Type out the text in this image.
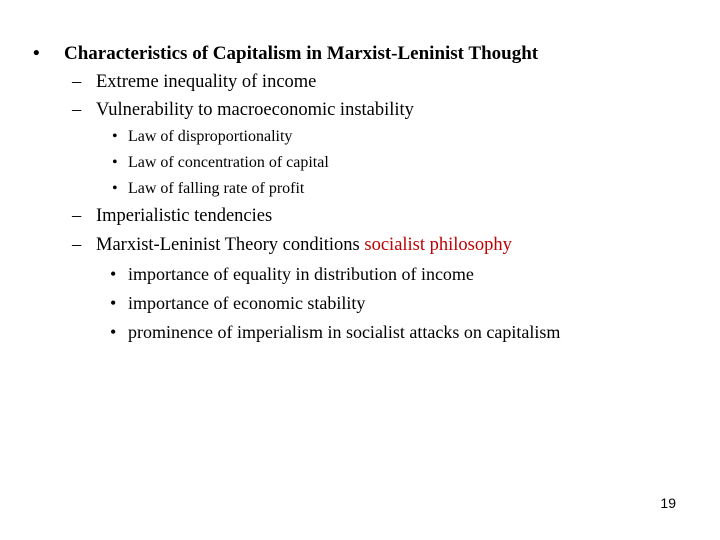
• Characteristics of Capitalism in Marxist-Leninist Thought
– Extreme inequality of income
– Vulnerability to macroeconomic instability
• Law of disproportionality
• Law of concentration of capital
• Law of falling rate of profit
– Imperialistic tendencies
– Marxist-Leninist Theory conditions socialist philosophy
• importance of equality in distribution of income
• importance of economic stability
• prominence of imperialism in socialist attacks on capitalism
19
